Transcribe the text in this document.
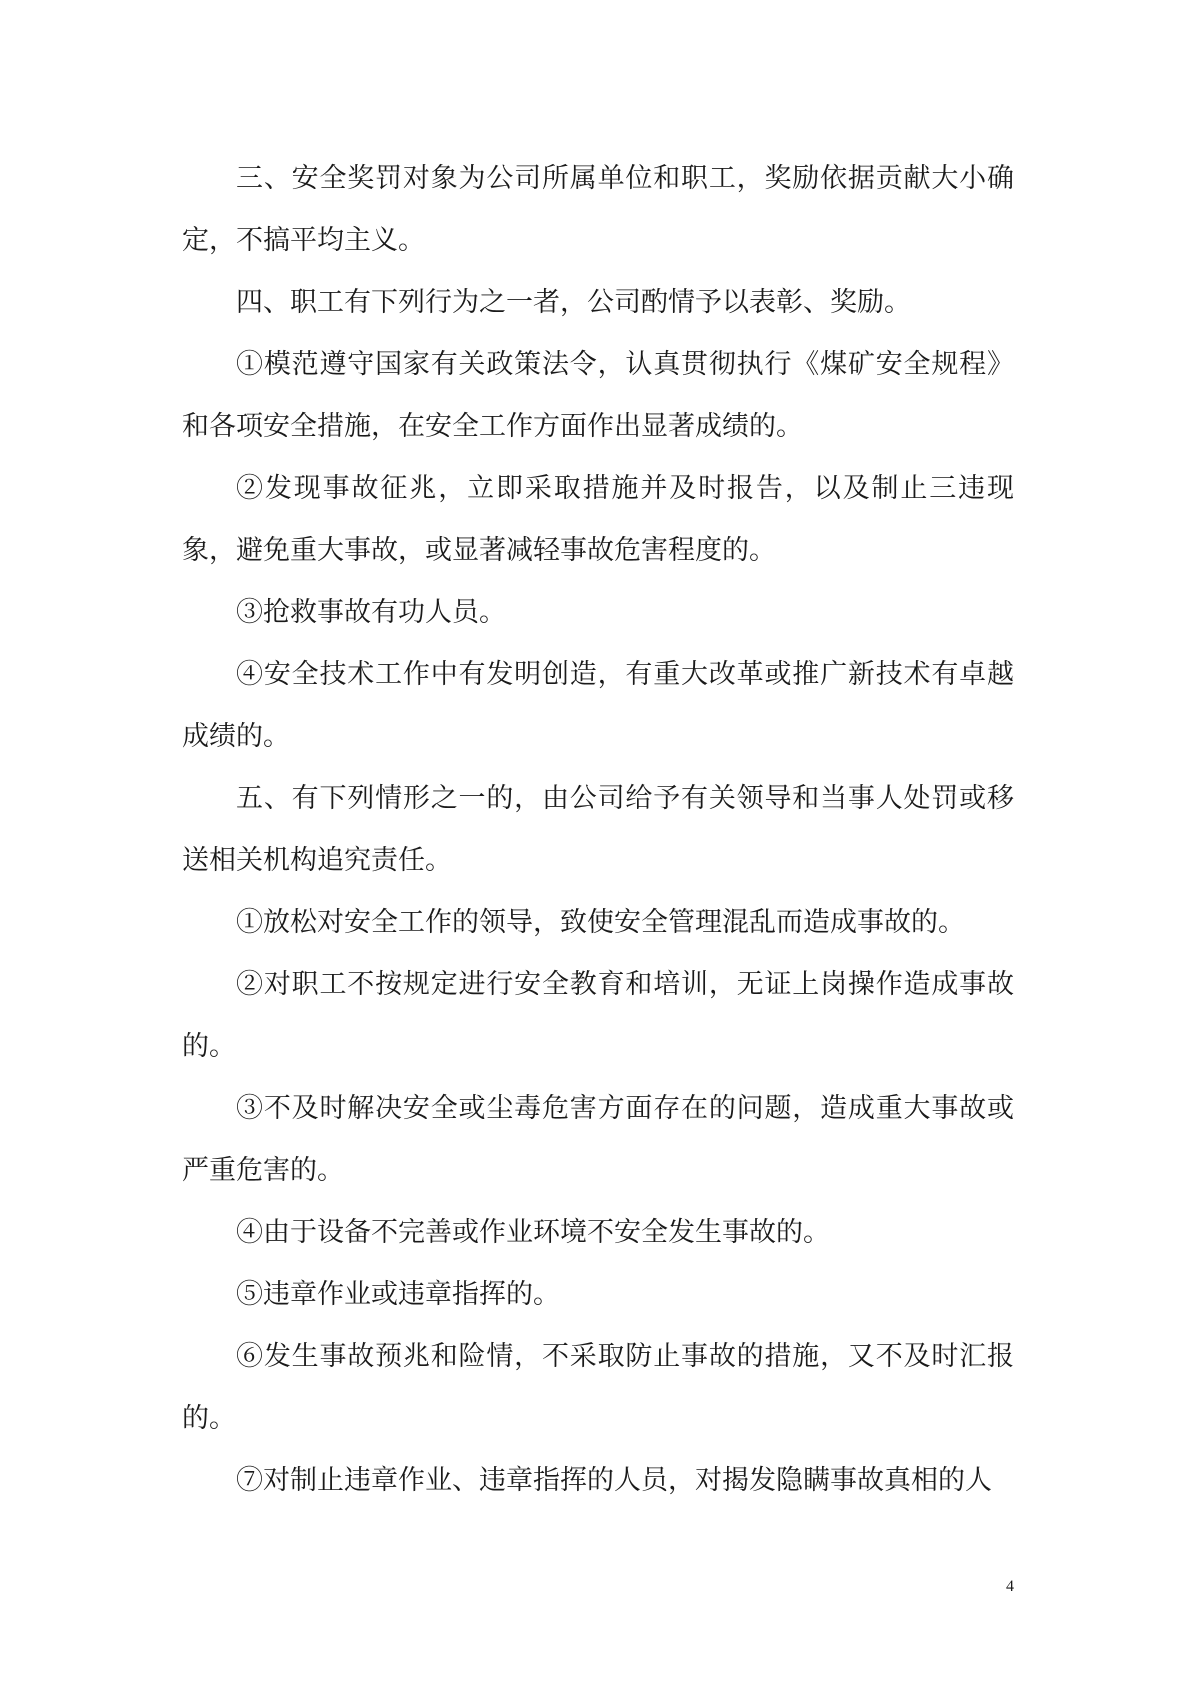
三、安全奖罚对象为公司所属单位和职工，奖励依据贡献大小确定，不搞平均主义。

四、职工有下列行为之一者，公司酌情予以表彰、奖励。

①模范遵守国家有关政策法令，认真贯彻执行《煤矿安全规程》和各项安全措施，在安全工作方面作出显著成绩的。

②发现事故征兆，立即采取措施并及时报告，以及制止三违现象，避免重大事故，或显著减轻事故危害程度的。

③抢救事故有功人员。

④安全技术工作中有发明创造，有重大改革或推广新技术有卓越成绩的。

五、有下列情形之一的，由公司给予有关领导和当事人处罚或移送相关机构追究责任。

①放松对安全工作的领导，致使安全管理混乱而造成事故的。

②对职工不按规定进行安全教育和培训，无证上岗操作造成事故的。

③不及时解决安全或尘毒危害方面存在的问题，造成重大事故或严重危害的。

④由于设备不完善或作业环境不安全发生事故的。

⑤违章作业或违章指挥的。

⑥发生事故预兆和险情，不采取防止事故的措施，又不及时汇报的。

⑦对制止违章作业、违章指挥的人员，对揭发隐瞒事故真相的人

4
